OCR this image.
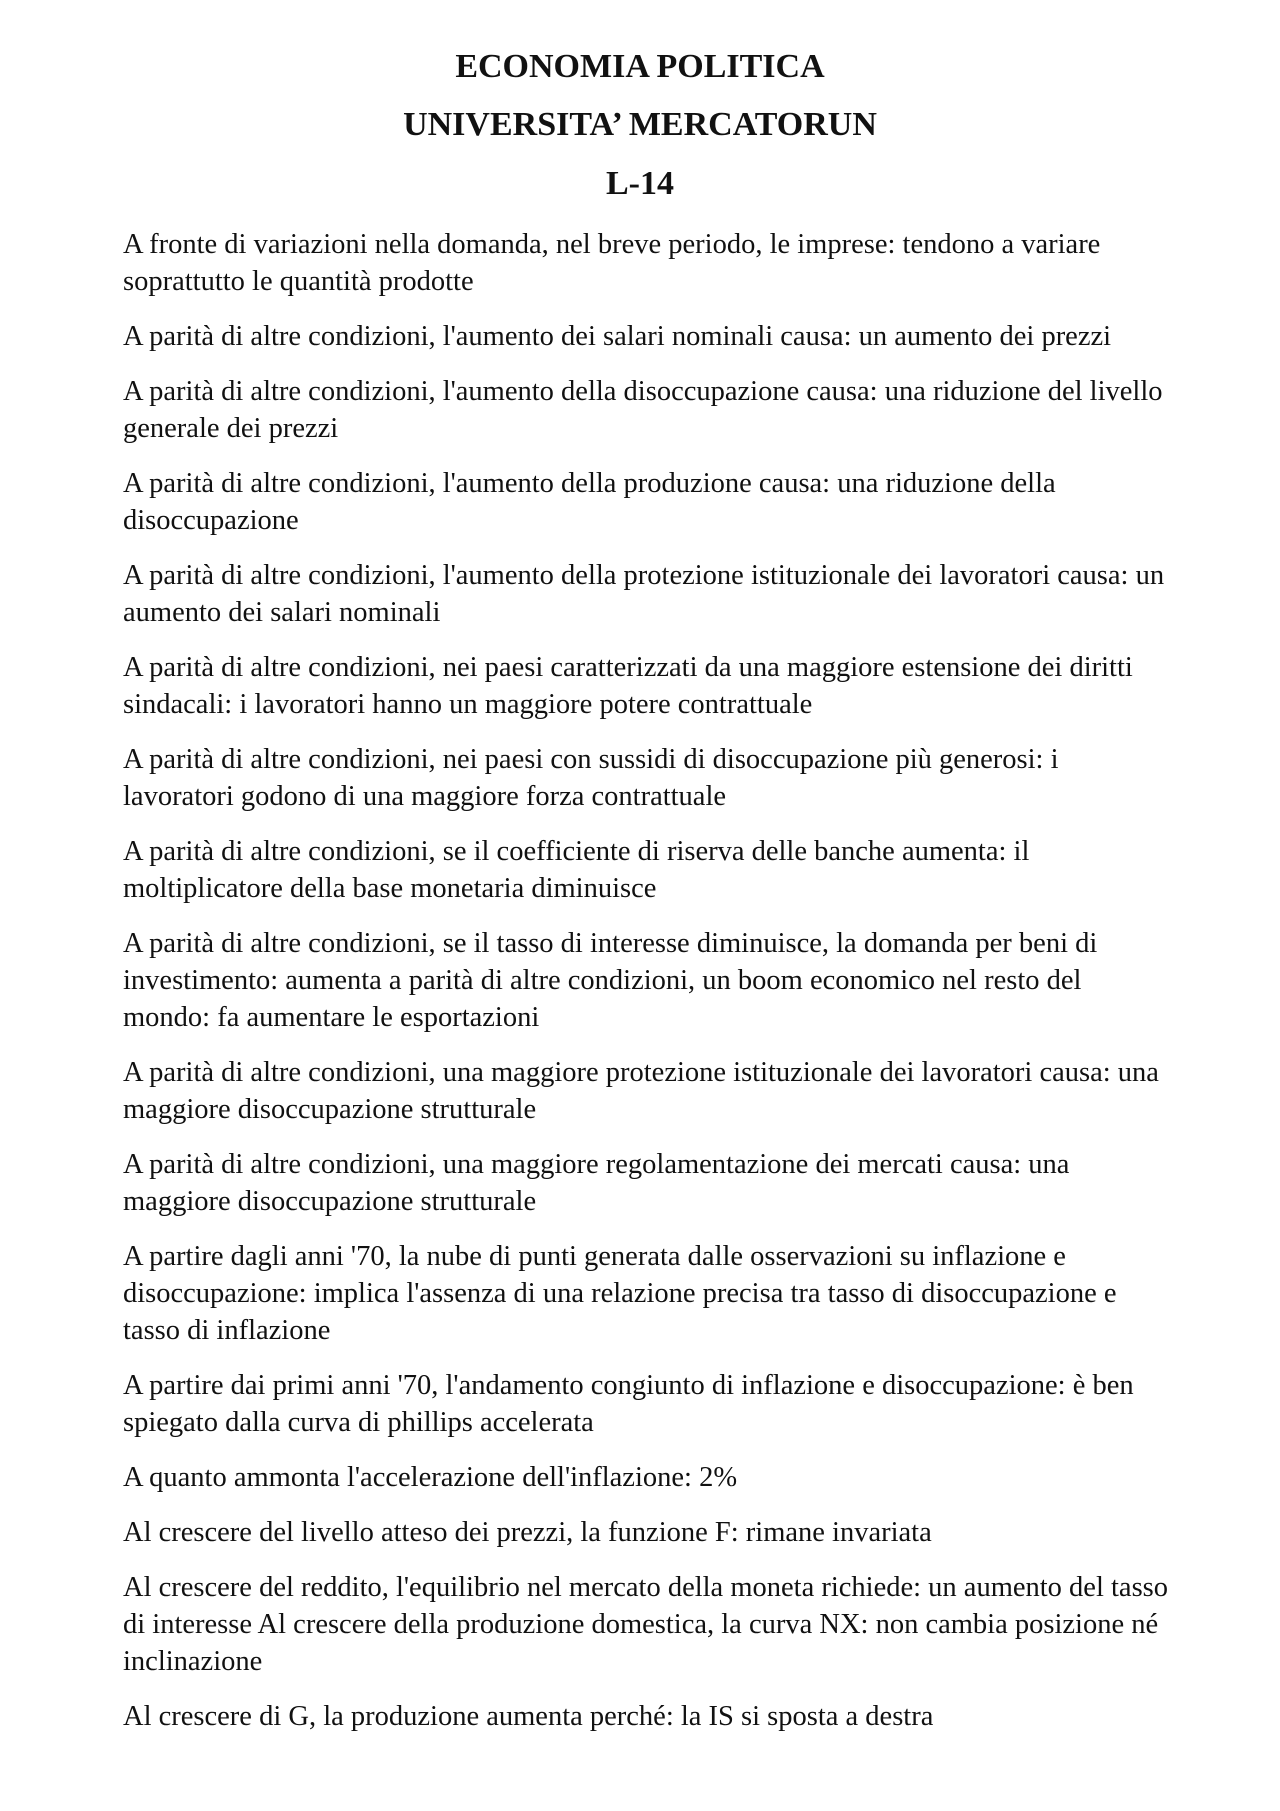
ECONOMIA POLITICA
UNIVERSITA’ MERCATORUN
L-14
A fronte di variazioni nella domanda, nel breve periodo, le imprese: tendono a variare soprattutto le quantità prodotte
A parità di altre condizioni, l'aumento dei salari nominali causa: un aumento dei prezzi
A parità di altre condizioni, l'aumento della disoccupazione causa: una riduzione del livello generale dei prezzi
A parità di altre condizioni, l'aumento della produzione causa: una riduzione della disoccupazione
A parità di altre condizioni, l'aumento della protezione istituzionale dei lavoratori causa: un aumento dei salari nominali
A parità di altre condizioni, nei paesi caratterizzati da una maggiore estensione dei diritti sindacali: i lavoratori hanno un maggiore potere contrattuale
A parità di altre condizioni, nei paesi con sussidi di disoccupazione più generosi: i lavoratori godono di una maggiore forza contrattuale
A parità di altre condizioni, se il coefficiente di riserva delle banche aumenta: il moltiplicatore della base monetaria diminuisce
A parità di altre condizioni, se il tasso di interesse diminuisce, la domanda per beni di investimento: aumenta a parità di altre condizioni, un boom economico nel resto del mondo: fa aumentare le esportazioni
A parità di altre condizioni, una maggiore protezione istituzionale dei lavoratori causa: una maggiore disoccupazione strutturale
A parità di altre condizioni, una maggiore regolamentazione dei mercati causa: una maggiore disoccupazione strutturale
A partire dagli anni '70, la nube di punti generata dalle osservazioni su inflazione e disoccupazione: implica l'assenza di una relazione precisa tra tasso di disoccupazione e tasso di inflazione
A partire dai primi anni '70, l'andamento congiunto di inflazione e disoccupazione: è ben spiegato dalla curva di phillips accelerata
A quanto ammonta l'accelerazione dell'inflazione: 2%
Al crescere del livello atteso dei prezzi, la funzione F: rimane invariata
Al crescere del reddito, l'equilibrio nel mercato della moneta richiede: un aumento del tasso di interesse Al crescere della produzione domestica, la curva NX: non cambia posizione né inclinazione
Al crescere di G, la produzione aumenta perché: la IS si sposta a destra
